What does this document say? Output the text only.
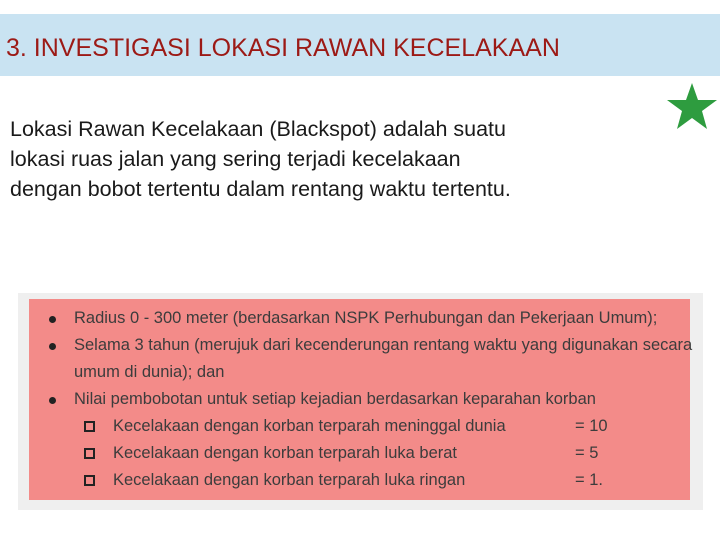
3. INVESTIGASI LOKASI RAWAN KECELAKAAN
Lokasi Rawan Kecelakaan (Blackspot) adalah suatu
lokasi ruas jalan yang sering terjadi kecelakaan
dengan bobot tertentu dalam rentang waktu tertentu.
Radius 0 - 300 meter (berdasarkan NSPK Perhubungan dan Pekerjaan Umum);
Selama 3 tahun (merujuk dari kecenderungan rentang waktu yang digunakan secara umum di dunia); dan
Nilai pembobotan untuk setiap kejadian berdasarkan keparahan korban
Kecelakaan dengan korban terparah meninggal dunia	= 10
Kecelakaan dengan korban terparah luka berat	= 5
Kecelakaan dengan korban terparah luka ringan	= 1.
